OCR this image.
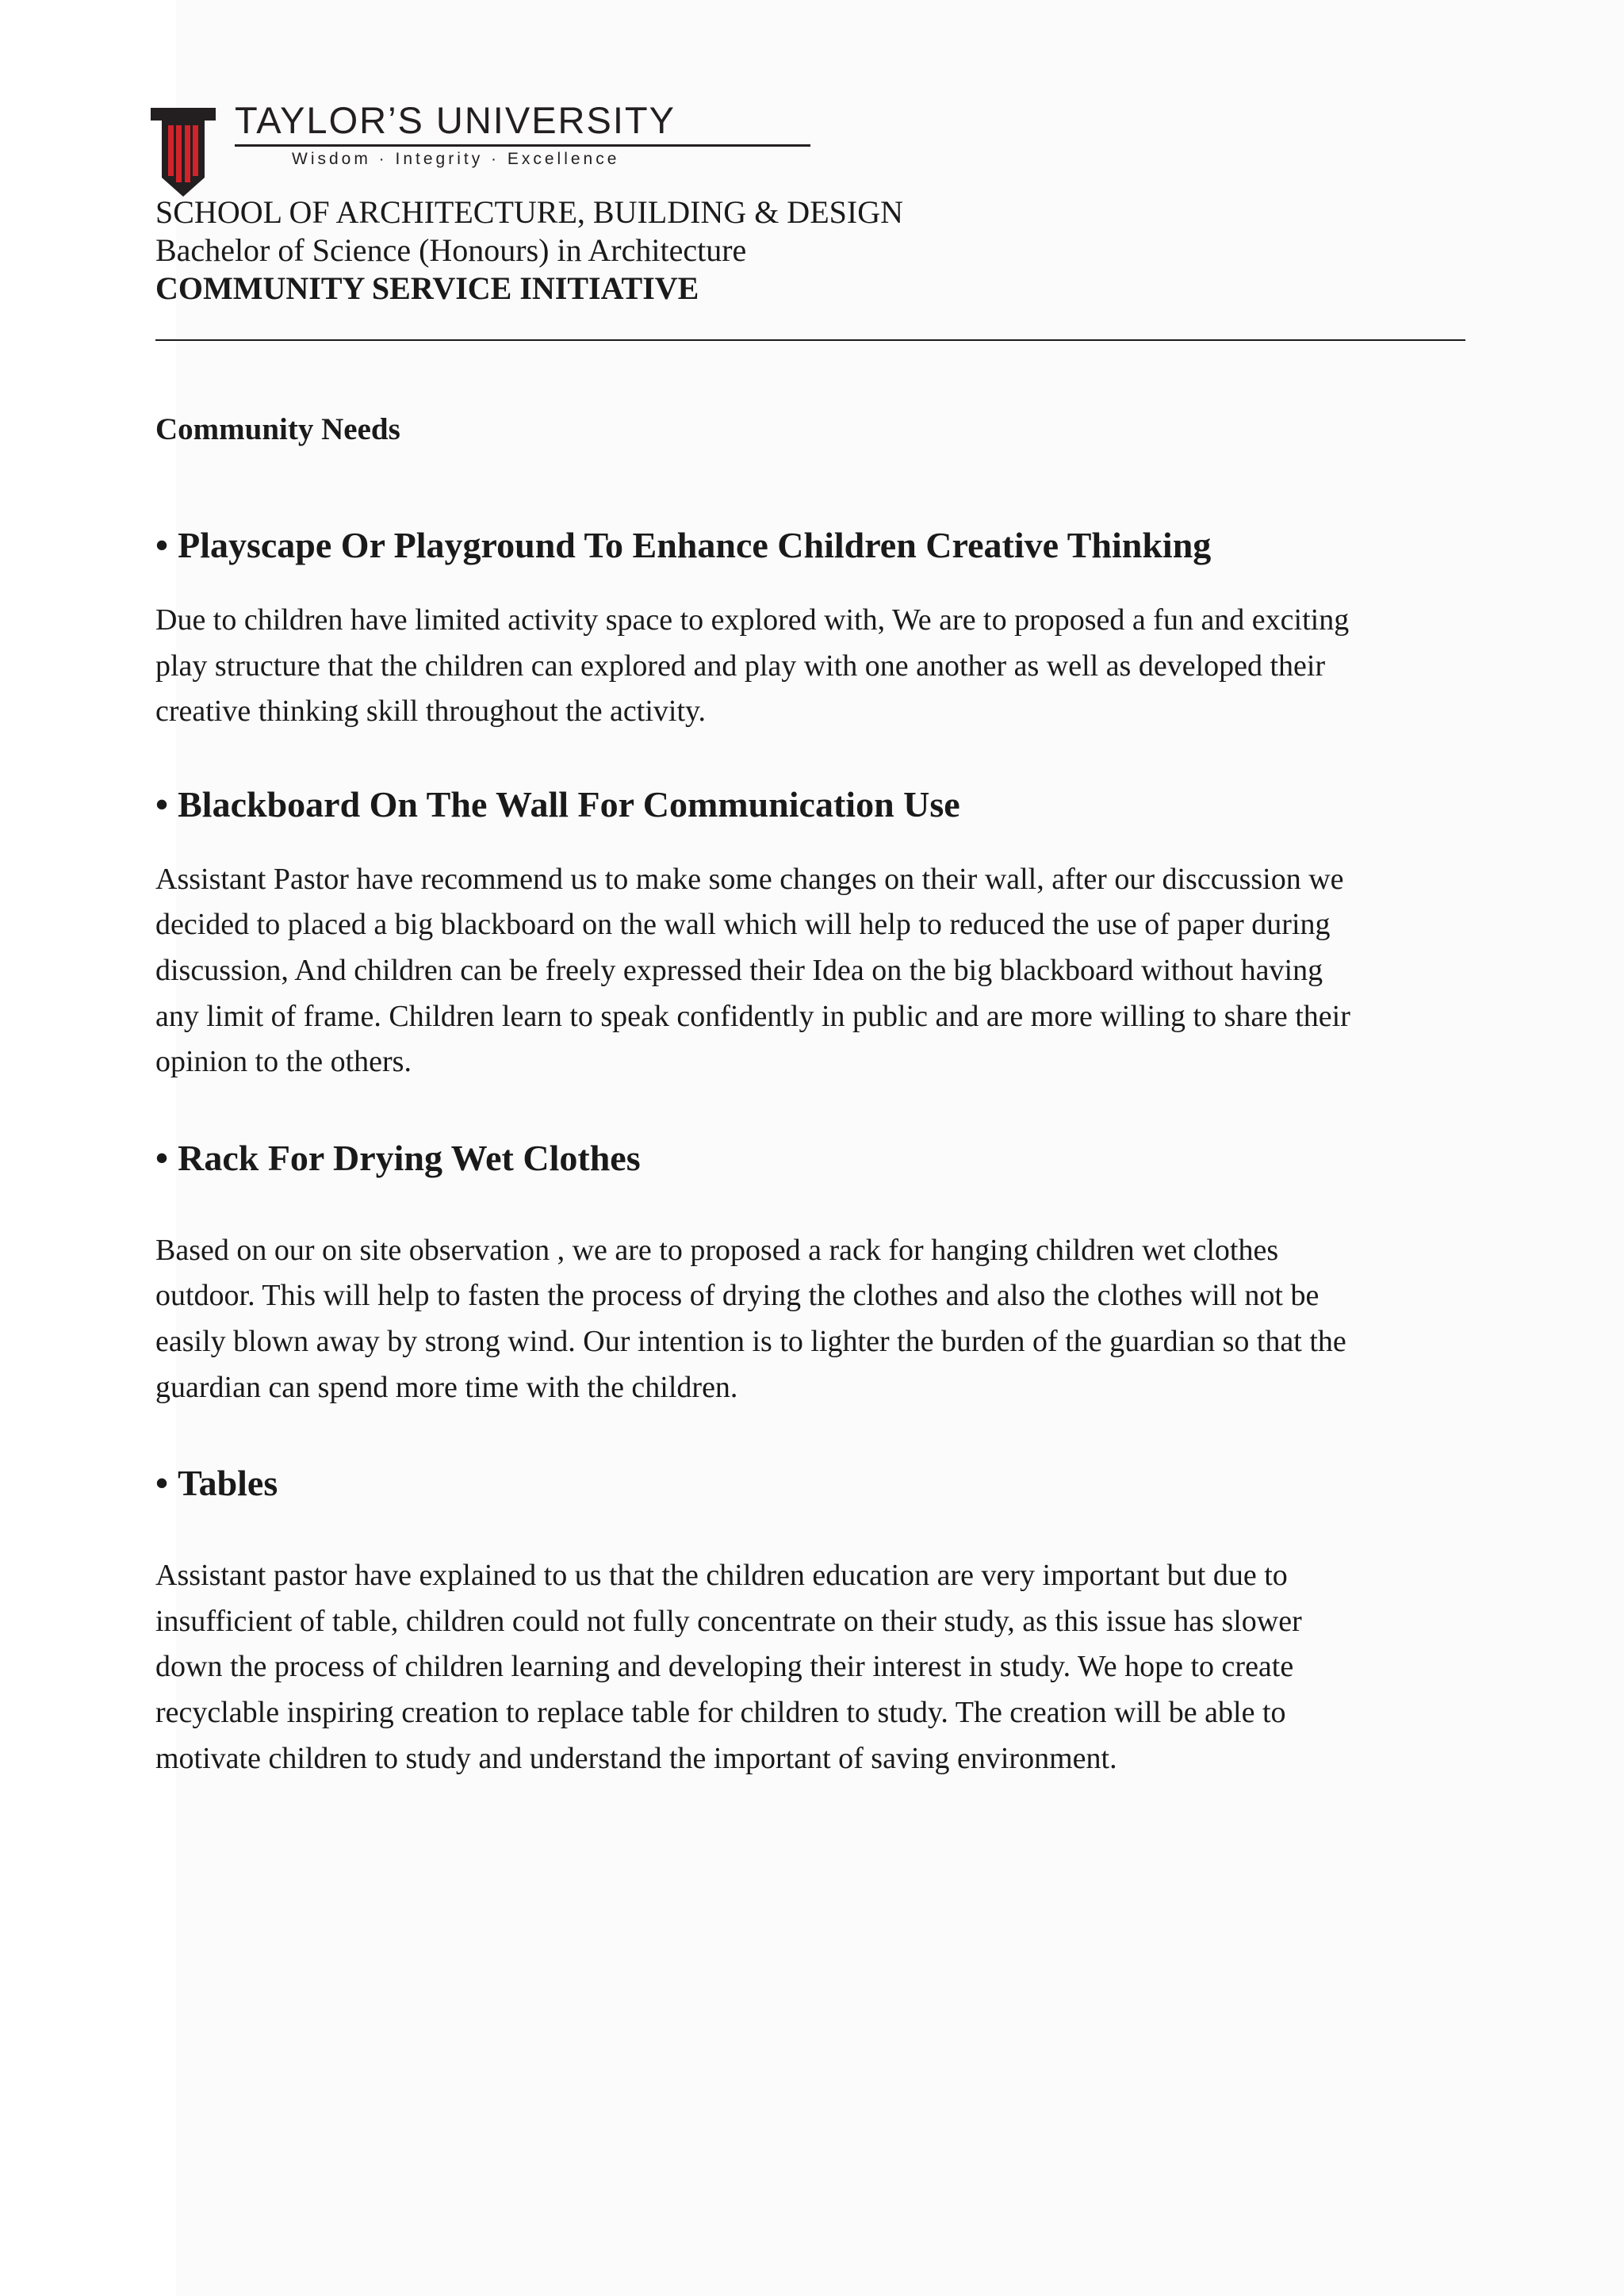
TAYLOR’S UNIVERSITY
Wisdom · Integrity · Excellence
SCHOOL OF ARCHITECTURE, BUILDING & DESIGN
Bachelor of Science (Honours) in Architecture
COMMUNITY SERVICE INITIATIVE
Community Needs
• Playscape Or Playground To Enhance Children Creative Thinking
Due to children have limited activity space to explored with, We are to proposed a fun and exciting
play structure that the children can explored and play with one another as well as developed their
creative thinking skill throughout the activity.
• Blackboard On The Wall For Communication Use
Assistant Pastor have recommend us to make some changes on their wall, after our disccussion we
decided to placed a big blackboard on the wall which will help to reduced the use of paper during
discussion, And children can be freely expressed their Idea on the big blackboard without having
any limit of frame. Children learn to speak confidently in public and are more willing to share their
opinion to the others.
• Rack For Drying Wet Clothes
Based on our on site observation , we are to proposed a rack for hanging children wet clothes
outdoor. This will help to fasten the process of drying the clothes and also the clothes will not be
easily blown away by strong wind. Our intention is to lighter the burden of the guardian so that the
guardian can spend more time with the children.
• Tables
Assistant pastor have explained to us that the children education are very important but due to
insufficient of table, children could not fully concentrate on their study, as this issue has slower
down the process of children learning and developing their interest in study. We hope to create
recyclable inspiring creation to replace table for children to study. The creation will be able to
motivate children to study and understand the important of saving environment.
